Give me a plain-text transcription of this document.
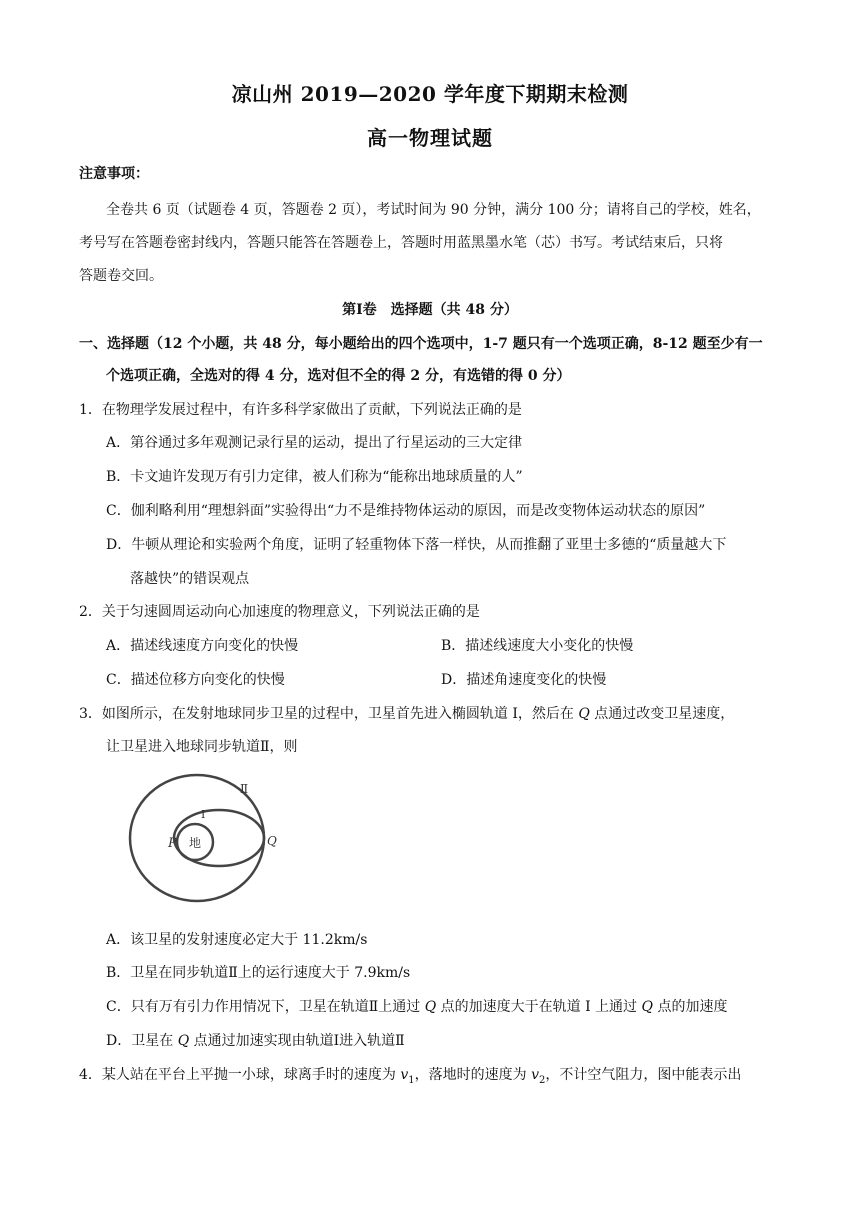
凉山州 2019—2020 学年度下期期末检测
高一物理试题
注意事项：
全卷共 6 页（试题卷 4 页，答题卷 2 页），考试时间为 90 分钟，满分 100 分；请将自己的学校，姓名，
考号写在答题卷密封线内，答题只能答在答题卷上，答题时用蓝黑墨水笔（芯）书写。考试结束后，只将
答题卷交回。
第Ⅰ卷　选择题（共 48 分）
一、选择题（12 个小题，共 48 分，每小题给出的四个选项中，1-7 题只有一个选项正确，8-12 题至少有一
个选项正确，全选对的得 4 分，选对但不全的得 2 分，有选错的得 0 分）
1．在物理学发展过程中，有许多科学家做出了贡献，下列说法正确的是
A．第谷通过多年观测记录行星的运动，提出了行星运动的三大定律
B．卡文迪许发现万有引力定律，被人们称为“能称出地球质量的人”
C．伽利略利用“理想斜面”实验得出“力不是维持物体运动的原因，而是改变物体运动状态的原因”
D．牛顿从理论和实验两个角度，证明了轻重物体下落一样快，从而推翻了亚里士多德的“质量越大下
落越快”的错误观点
2．关于匀速圆周运动向心加速度的物理意义，下列说法正确的是
A．描述线速度方向变化的快慢	B．描述线速度大小变化的快慢
C．描述位移方向变化的快慢	D．描述角速度变化的快慢
3．如图所示，在发射地球同步卫星的过程中，卫星首先进入椭圆轨道 I，然后在 Q 点通过改变卫星速度，
让卫星进入地球同步轨道Ⅱ，则
地
P	Q
I
Ⅱ
A．该卫星的发射速度必定大于 11.2km/s
B．卫星在同步轨道Ⅱ上的运行速度大于 7.9km/s
C．只有万有引力作用情况下，卫星在轨道Ⅱ上通过 Q 点的加速度大于在轨道 I 上通过 Q 点的加速度
D．卫星在 Q 点通过加速实现由轨道Ⅰ进入轨道Ⅱ
4．某人站在平台上平抛一小球，球离手时的速度为 $v_1$，落地时的速度为 $v_2$，不计空气阻力，图中能表示出
